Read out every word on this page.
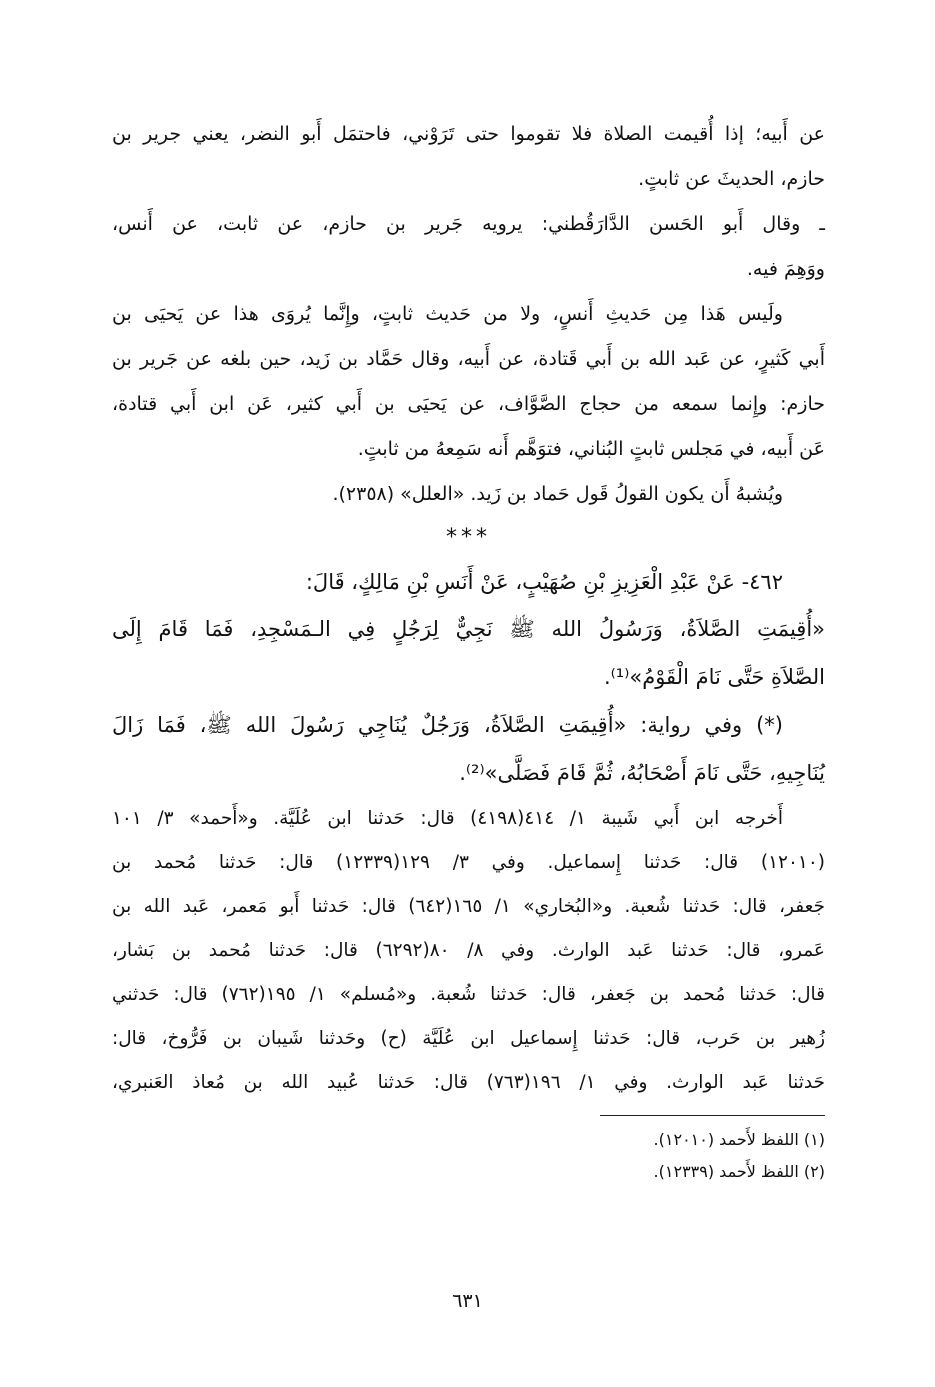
عن أَبيه؛ إذا أُقيمت الصلاة فلا تقوموا حتى تَرَوْني، فاحتمَل أَبو النضر، يعني جرير بن
حازم، الحديثَ عن ثابتٍ.
ـ وقال أَبو الحَسن الدَّارَقُطني: يرويه جَرير بن حازم، عن ثابت، عن أَنس،
ووَهِمَ فيه.
ولَيس هَذا مِن حَديثِ أَنسٍ، ولا من حَديث ثابتٍ، وإِنَّما يُروَى هذا عن يَحيَى بن
أَبي كَثيرٍ، عن عَبد الله بن أَبي قَتادة، عن أَبيه، وقال حَمَّاد بن زَيد، حين بلغه عن جَرير بن
حازم: وإِنما سمعه من حجاج الصَّوَّاف، عن يَحيَى بن أَبي كثير، عَن ابن أَبي قتادة،
عَن أَبيه، في مَجلس ثابتٍ البُناني، فتوَهَّم أَنه سَمِعهُ من ثابتٍ.
ويُشبهُ أَن يكون القولُ قَول حَماد بن زَيد. «العلل» (٢٣٥٨).
***
٤٦٢- عَنْ عَبْدِ الْعَزِيزِ بْنِ صُهَيْبٍ، عَنْ أَنَسِ بْنِ مَالِكٍ، قَالَ:
«أُقِيمَتِ الصَّلاَةُ، وَرَسُولُ الله ﷺ نَجِيٌّ لِرَجُلٍ فِي الـمَسْجِدِ، فَمَا قَامَ إِلَى
الصَّلاَةِ حَتَّى نَامَ الْقَوْمُ»⁽¹⁾.
(*) وفي رواية: «أُقِيمَتِ الصَّلاَةُ، وَرَجُلٌ يُنَاجِي رَسُولَ الله ﷺ، فَمَا زَالَ
يُنَاجِيهِ، حَتَّى نَامَ أَصْحَابُهُ، ثُمَّ قَامَ فَصَلَّى»⁽²⁾.
أَخرجه ابن أَبي شَيبة ١/ ٤١٤(٤١٩٨) قال: حَدثنا ابن عُلَيَّة. و«أَحمد» ٣/ ١٠١
(١٢٠١٠) قال: حَدثنا إِسماعيل. وفي ٣/ ١٢٩(١٢٣٣٩) قال: حَدثنا مُحمد بن
جَعفر، قال: حَدثنا شُعبة. و«البُخاري» ١/ ١٦٥(٦٤٢) قال: حَدثنا أَبو مَعمر، عَبد الله بن
عَمرو، قال: حَدثنا عَبد الوارث. وفي ٨/ ٨٠(٦٢٩٢) قال: حَدثنا مُحمد بن بَشار،
قال: حَدثنا مُحمد بن جَعفر، قال: حَدثنا شُعبة. و«مُسلم» ١/ ١٩٥(٧٦٢) قال: حَدثني
زُهير بن حَرب، قال: حَدثنا إِسماعيل ابن عُلَيَّة (ح) وحَدثنا شَيبان بن فَرُّوخ، قال:
حَدثنا عَبد الوارث. وفي ١/ ١٩٦(٧٦٣) قال: حَدثنا عُبيد الله بن مُعاذ العَنبري،
(١) اللفظ لأَحمد (١٢٠١٠).
(٢) اللفظ لأَحمد (١٢٣٣٩).
٦٣١
